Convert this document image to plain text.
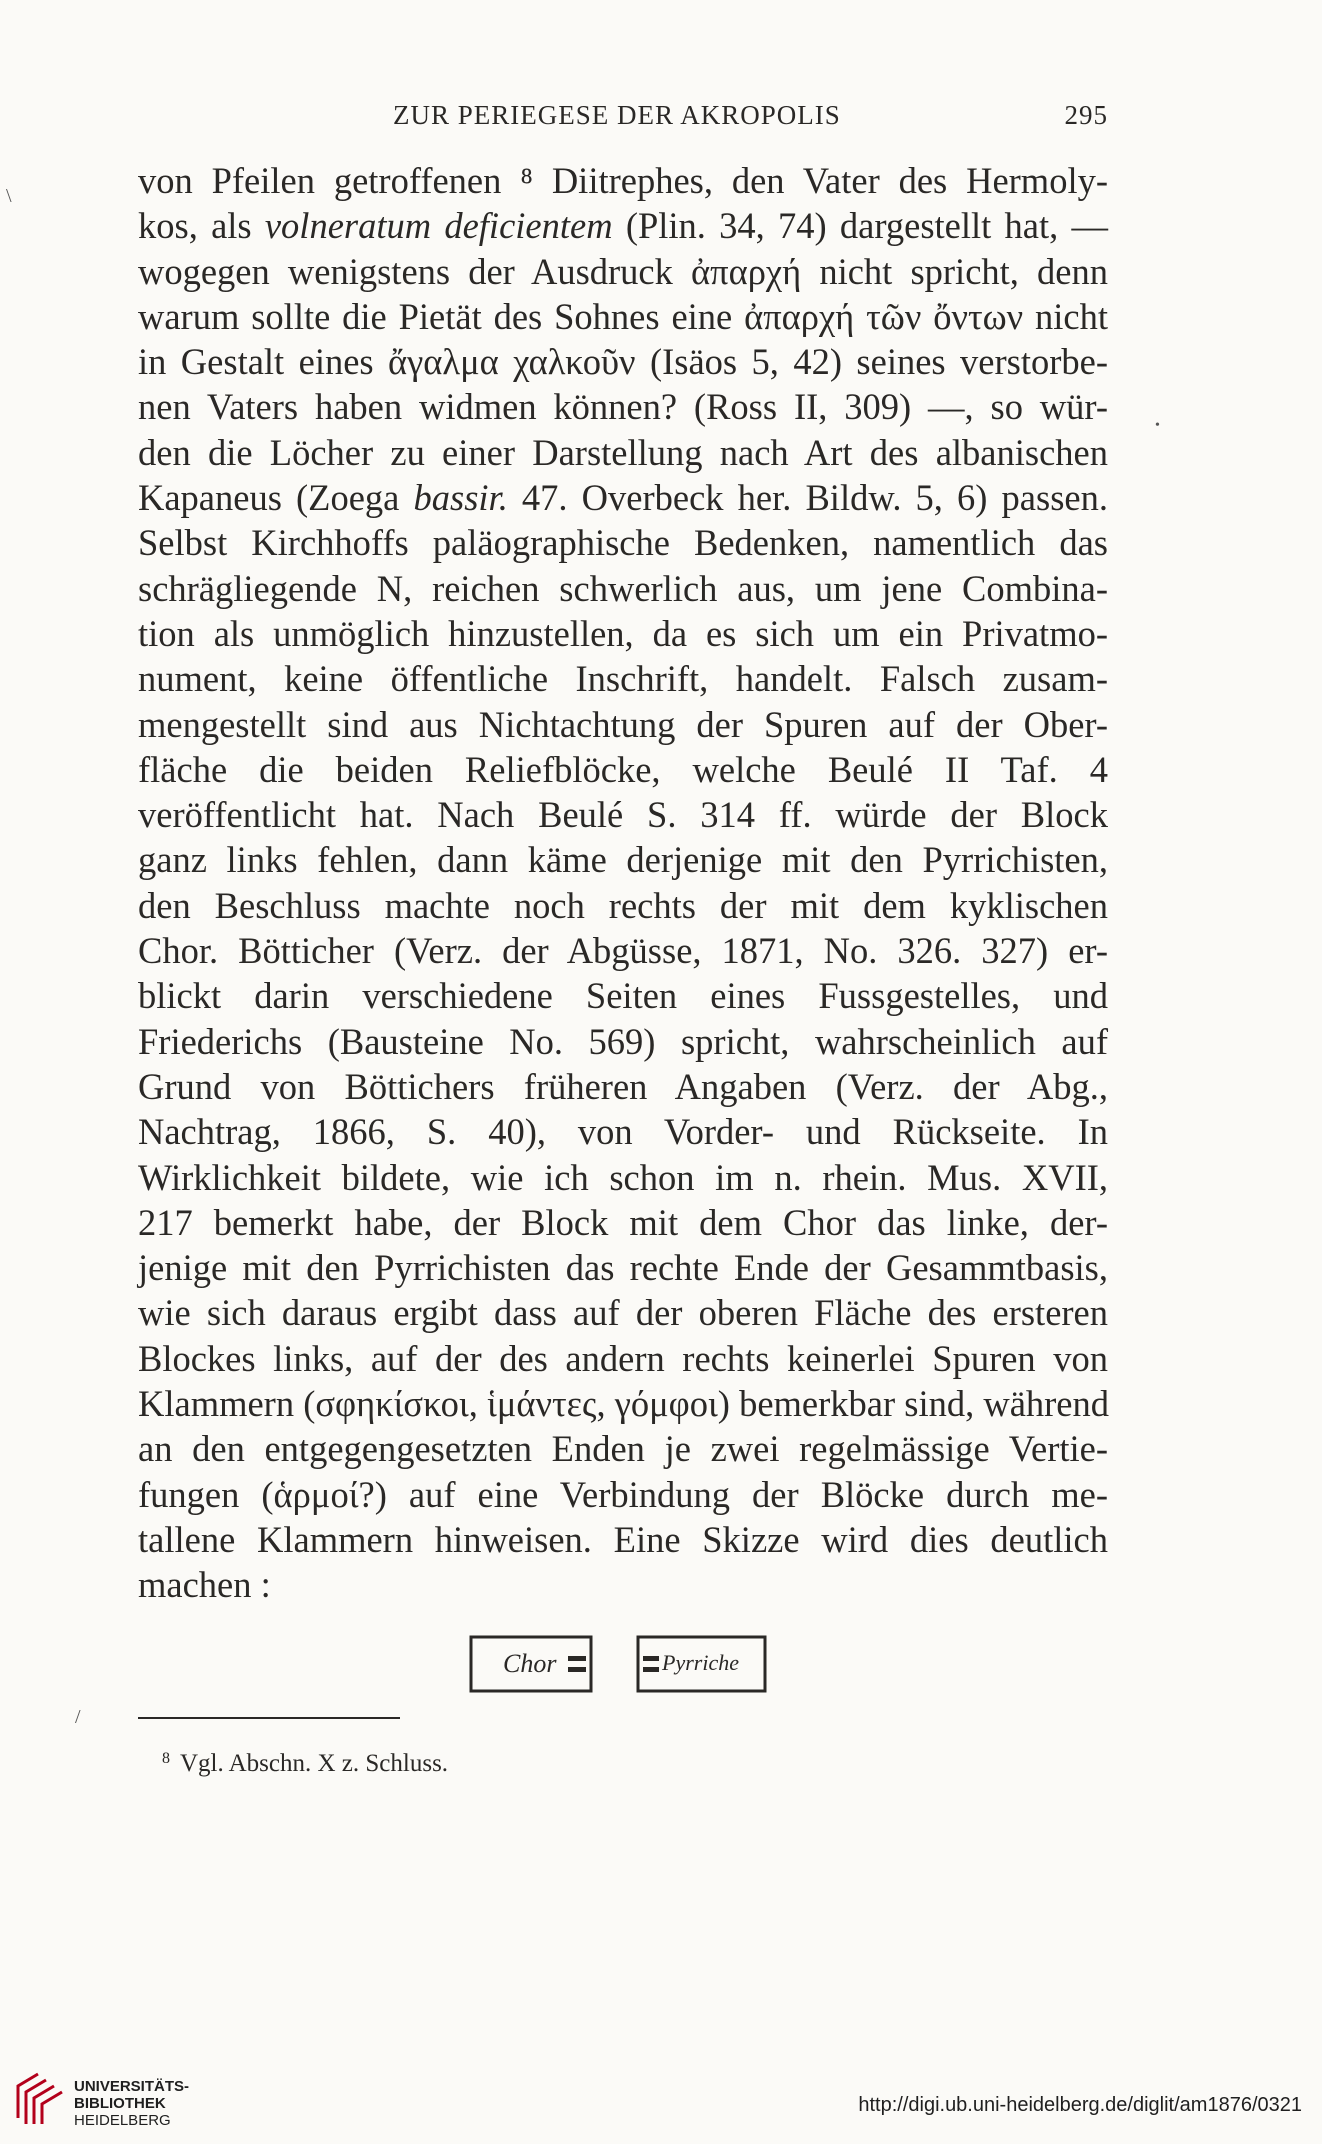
ZUR PERIEGESE DER AKROPOLIS	295
von Pfeilen getroffenen ⁸ Diitrephes, den Vater des Hermoly-
kos, als volneratum deficientem (Plin. 34, 74) dargestellt hat, —
wogegen wenigstens der Ausdruck ἀπαρχή nicht spricht, denn
warum sollte die Pietät des Sohnes eine ἀπαρχή τῶν ὄντων nicht
in Gestalt eines ἄγαλμα χαλκοῦν (Isäos 5, 42) seines verstorbe-
nen Vaters haben widmen können? (Ross II, 309) —, so wür-
den die Löcher zu einer Darstellung nach Art des albanischen
Kapaneus (Zoega bassir. 47. Overbeck her. Bildw. 5, 6) passen.
Selbst Kirchhoffs paläographische Bedenken, namentlich das
schrägliegende N, reichen schwerlich aus, um jene Combina-
tion als unmöglich hinzustellen, da es sich um ein Privatmo-
nument, keine öffentliche Inschrift, handelt. Falsch zusam-
mengestellt sind aus Nichtachtung der Spuren auf der Ober-
fläche die beiden Reliefblöcke, welche Beulé II Taf. 4
veröffentlicht hat. Nach Beulé S. 314 ff. würde der Block
ganz links fehlen, dann käme derjenige mit den Pyrrichisten,
den Beschluss machte noch rechts der mit dem kyklischen
Chor. Bötticher (Verz. der Abgüsse, 1871, No. 326. 327) er-
blickt darin verschiedene Seiten eines Fussgestelles, und
Friederichs (Bausteine No. 569) spricht, wahrscheinlich auf
Grund von Böttichers früheren Angaben (Verz. der Abg.,
Nachtrag, 1866, S. 40), von Vorder- und Rückseite. In
Wirklichkeit bildete, wie ich schon im n. rhein. Mus. XVII,
217 bemerkt habe, der Block mit dem Chor das linke, der-
jenige mit den Pyrrichisten das rechte Ende der Gesammtbasis,
wie sich daraus ergibt dass auf der oberen Fläche des ersteren
Blockes links, auf der des andern rechts keinerlei Spuren von
Klammern (σφηκίσκοι, ἱμάντες, γόμφοι) bemerkbar sind, während
an den entgegengesetzten Enden je zwei regelmässige Vertie-
fungen (ἁρμοί?) auf eine Verbindung der Blöcke durch me-
tallene Klammern hinweisen. Eine Skizze wird dies deutlich
machen :
Chor	Pyrriche
$^8$ Vgl. Abschn. X z. Schluss.
UNIVERSITÄTS-
BIBLIOTHEK
HEIDELBERG
http://digi.ub.uni-heidelberg.de/diglit/am1876/0321
\
•
/
